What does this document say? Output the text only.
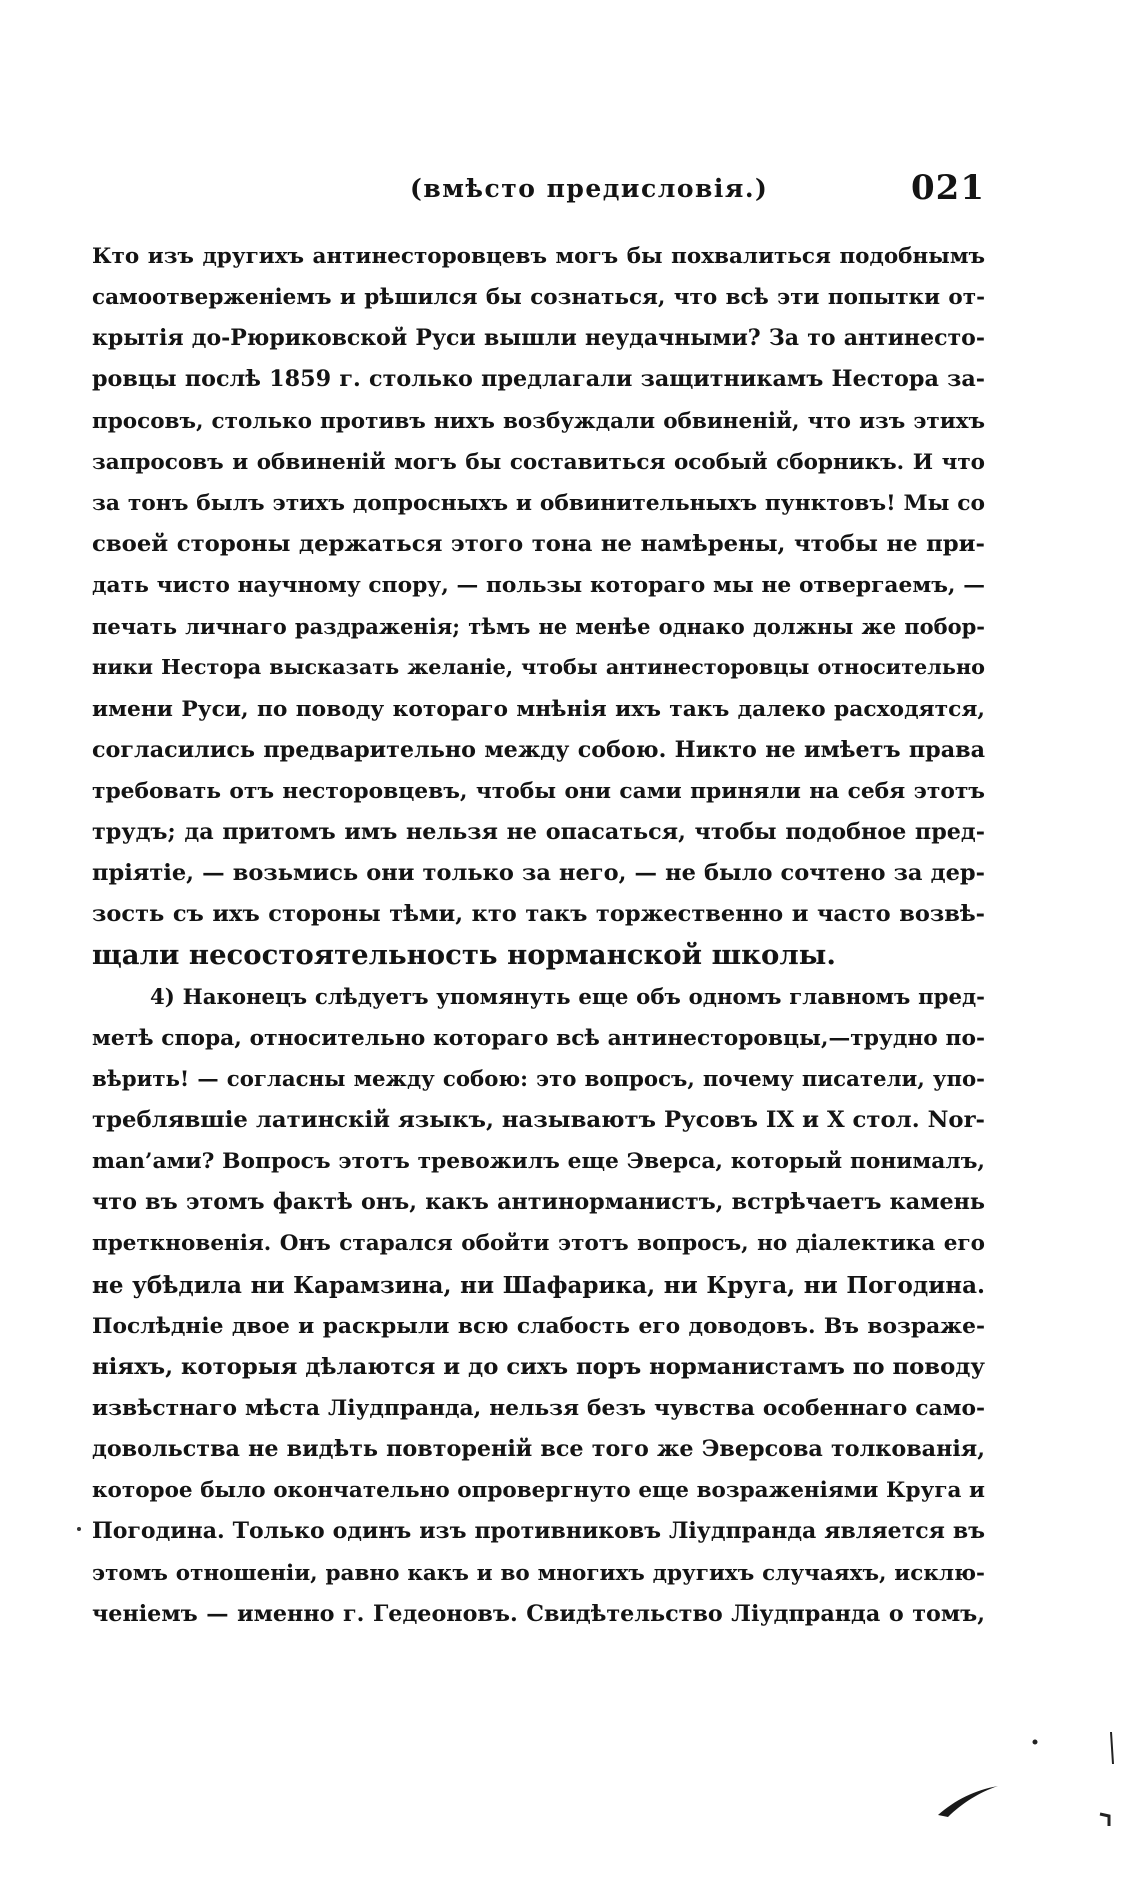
(вмѣсто предисловія.)	021
Кто изъ другихъ антинесторовцевъ могъ бы похвалиться подобнымъ
самоотверженіемъ и рѣшился бы сознаться, что всѣ эти попытки от-
крытія до-Рюриковской Руси вышли неудачными? За то антинесто-
ровцы послѣ 1859 г. столько предлагали защитникамъ Нестора за-
просовъ, столько противъ нихъ возбуждали обвиненій, что изъ этихъ
запросовъ и обвиненій могъ бы составиться особый сборникъ. И что
за тонъ былъ этихъ допросныхъ и обвинительныхъ пунктовъ! Мы со
своей стороны держаться этого тона не намѣрены, чтобы не при-
дать чисто научному спору, — пользы котораго мы не отвергаемъ, —
печать личнаго раздраженія; тѣмъ не менѣе однако должны же побор-
ники Нестора высказать желаніе, чтобы антинесторовцы относительно
имени Руси, по поводу котораго мнѣнія ихъ такъ далеко расходятся,
согласились предварительно между собою. Никто не имѣетъ права
требовать отъ несторовцевъ, чтобы они сами приняли на себя этотъ
трудъ; да притомъ имъ нельзя не опасаться, чтобы подобное пред-
пріятіе, — возьмись они только за него, — не было сочтено за дер-
зость съ ихъ стороны тѣми, кто такъ торжественно и часто возвѣ-
щали несостоятельность норманской школы.
4) Наконецъ слѣдуетъ упомянуть еще объ одномъ главномъ пред-
метѣ спора, относительно котораго всѣ антинесторовцы,—трудно по-
вѣрить! — согласны между собою: это вопросъ, почему писатели, упо-
треблявшіе латинскій языкъ, называютъ Русовъ IX и X стол. Nor-
man’ами? Вопросъ этотъ тревожилъ еще Эверса, который понималъ,
что въ этомъ фактѣ онъ, какъ антинорманистъ, встрѣчаетъ камень
преткновенія. Онъ старался обойти этотъ вопросъ, но діалектика его
не убѣдила ни Карамзина, ни Шафарика, ни Круга, ни Погодина.
Послѣдніе двое и раскрыли всю слабость его доводовъ. Въ возраже-
ніяхъ, которыя дѣлаются и до сихъ поръ норманистамъ по поводу
извѣстнаго мѣста Ліудпранда, нельзя безъ чувства особеннаго само-
довольства не видѣть повтореній все того же Эверсова толкованія,
которое было окончательно опровергнуто еще возраженіями Круга и
Погодина. Только одинъ изъ противниковъ Ліудпранда является въ
этомъ отношеніи, равно какъ и во многихъ другихъ случаяхъ, исклю-
ченіемъ — именно г. Гедеоновъ. Свидѣтельство Ліудпранда о томъ,
